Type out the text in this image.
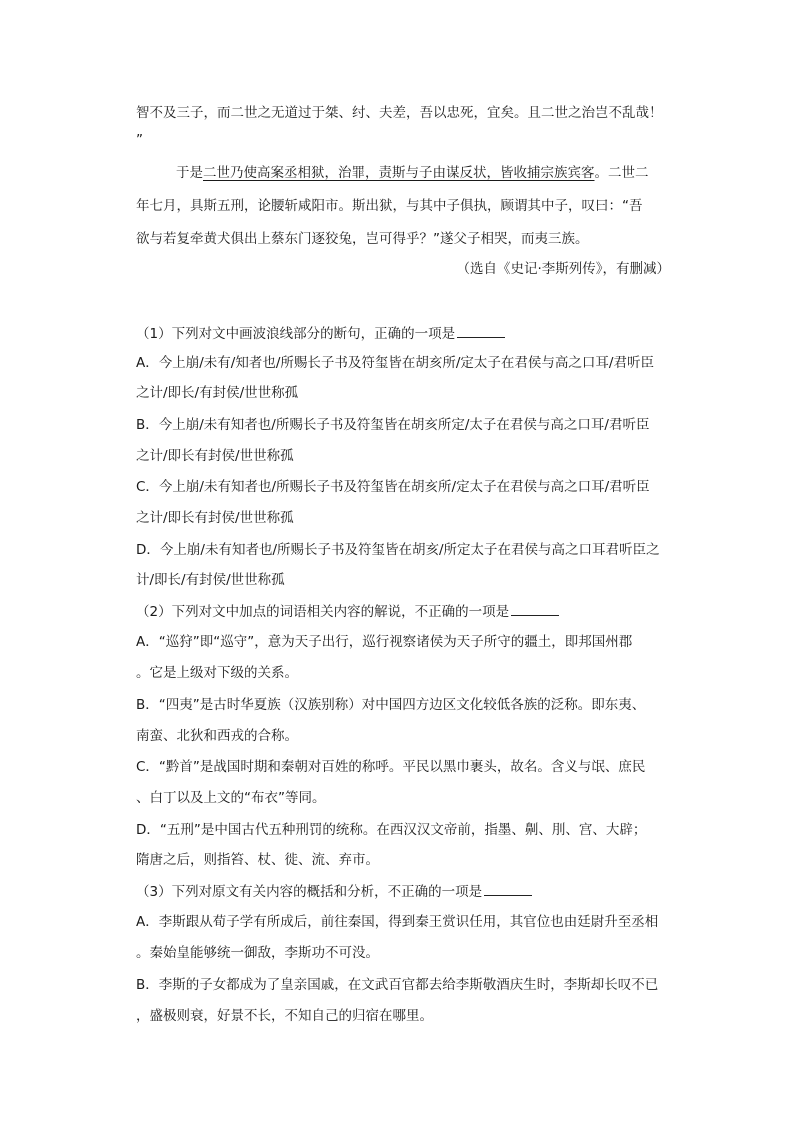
智不及三子，而二世之无道过于桀、纣、夫差，吾以忠死，宜矣。且二世之治岂不乱哉！

”

于是二世乃使高案丞相狱，治罪，责斯与子由谋反状，皆收捕宗族宾客。二世二

年七月，具斯五刑，论腰斩咸阳市。斯出狱，与其中子俱执，顾谓其中子，叹曰：“吾

欲与若复牵黄犬俱出上蔡东门逐狡兔，岂可得乎？”遂父子相哭，而夷三族。

（选自《史记·李斯列传》，有删减）

（1）下列对文中画波浪线部分的断句，正确的一项是

A．今上崩/未有/知者也/所赐长子书及符玺皆在胡亥所/定太子在君侯与高之口耳/君听臣

之计/即长/有封侯/世世称孤

B．今上崩/未有知者也/所赐长子书及符玺皆在胡亥所定/太子在君侯与高之口耳/君听臣

之计/即长有封侯/世世称孤

C．今上崩/未有知者也/所赐长子书及符玺皆在胡亥所/定太子在君侯与高之口耳/君听臣

之计/即长有封侯/世世称孤

D．今上崩/未有知者也/所赐长子书及符玺皆在胡亥/所定太子在君侯与高之口耳君听臣之

计/即长/有封侯/世世称孤

（2）下列对文中加点的词语相关内容的解说，不正确的一项是

A．“巡狩”即“巡守”，意为天子出行，巡行视察诸侯为天子所守的疆土，即邦国州郡

。它是上级对下级的关系。

B．“四夷”是古时华夏族（汉族别称）对中国四方边区文化较低各族的泛称。即东夷、

南蛮、北狄和西戎的合称。

C．“黔首”是战国时期和秦朝对百姓的称呼。平民以黑巾裹头，故名。含义与氓、庶民

、白丁以及上文的“布衣”等同。

D．“五刑”是中国古代五种刑罚的统称。在西汉汉文帝前，指墨、劓、刖、宫、大辟；

隋唐之后，则指笞、杖、徙、流、弃市。

（3）下列对原文有关内容的概括和分析，不正确的一项是

A．李斯跟从荀子学有所成后，前往秦国，得到秦王赏识任用，其官位也由廷尉升至丞相

。秦始皇能够统一御敌，李斯功不可没。

B．李斯的子女都成为了皇亲国戚，在文武百官都去给李斯敬酒庆生时，李斯却长叹不已

，盛极则衰，好景不长，不知自己的归宿在哪里。
